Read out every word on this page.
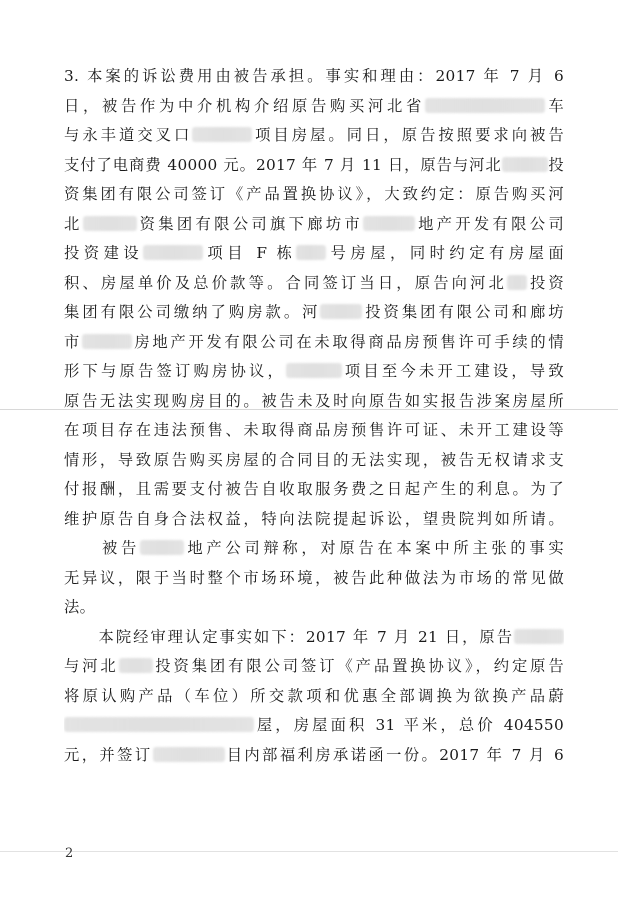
3. 本案的诉讼费用由被告承担。事实和理由：2017 年 7 月 6
日，被告作为中介机构介绍原告购买河北省	车
与永丰道交叉口	项目房屋。同日，原告按照要求向被告
支付了电商费 40000 元。2017 年 7 月 11 日，原告与河北	投
资集团有限公司签订《产品置换协议》，大致约定：原告购买河
北	资集团有限公司旗下廊坊市	地产开发有限公司
投资建设	项目 F 栋 号房屋，同时约定有房屋面
积、房屋单价及总价款等。合同签订当日，原告向河北 投资
集团有限公司缴纳了购房款。河	投资集团有限公司和廊坊
市	房地产开发有限公司在未取得商品房预售许可手续的情
形下与原告签订购房协议，	项目至今未开工建设，导致
原告无法实现购房目的。被告未及时向原告如实报告涉案房屋所
在项目存在违法预售、未取得商品房预售许可证、未开工建设等
情形，导致原告购买房屋的合同目的无法实现，被告无权请求支
付报酬，且需要支付被告自收取服务费之日起产生的利息。为了
维护原告自身合法权益，特向法院提起诉讼，望贵院判如所请。
　　被告	地产公司辩称，对原告在本案中所主张的事实
无异议，限于当时整个市场环境，被告此种做法为市场的常见做
法。
　　本院经审理认定事实如下：2017 年 7 月 21 日，原告
与河北 投资集团有限公司签订《产品置换协议》，约定原告
将原认购产品（车位）所交款项和优惠全部调换为欲换产品蔚
屋，房屋面积 31 平米，总价 404550
元，并签订	目内部福利房承诺函一份。2017 年 7 月 6
2
